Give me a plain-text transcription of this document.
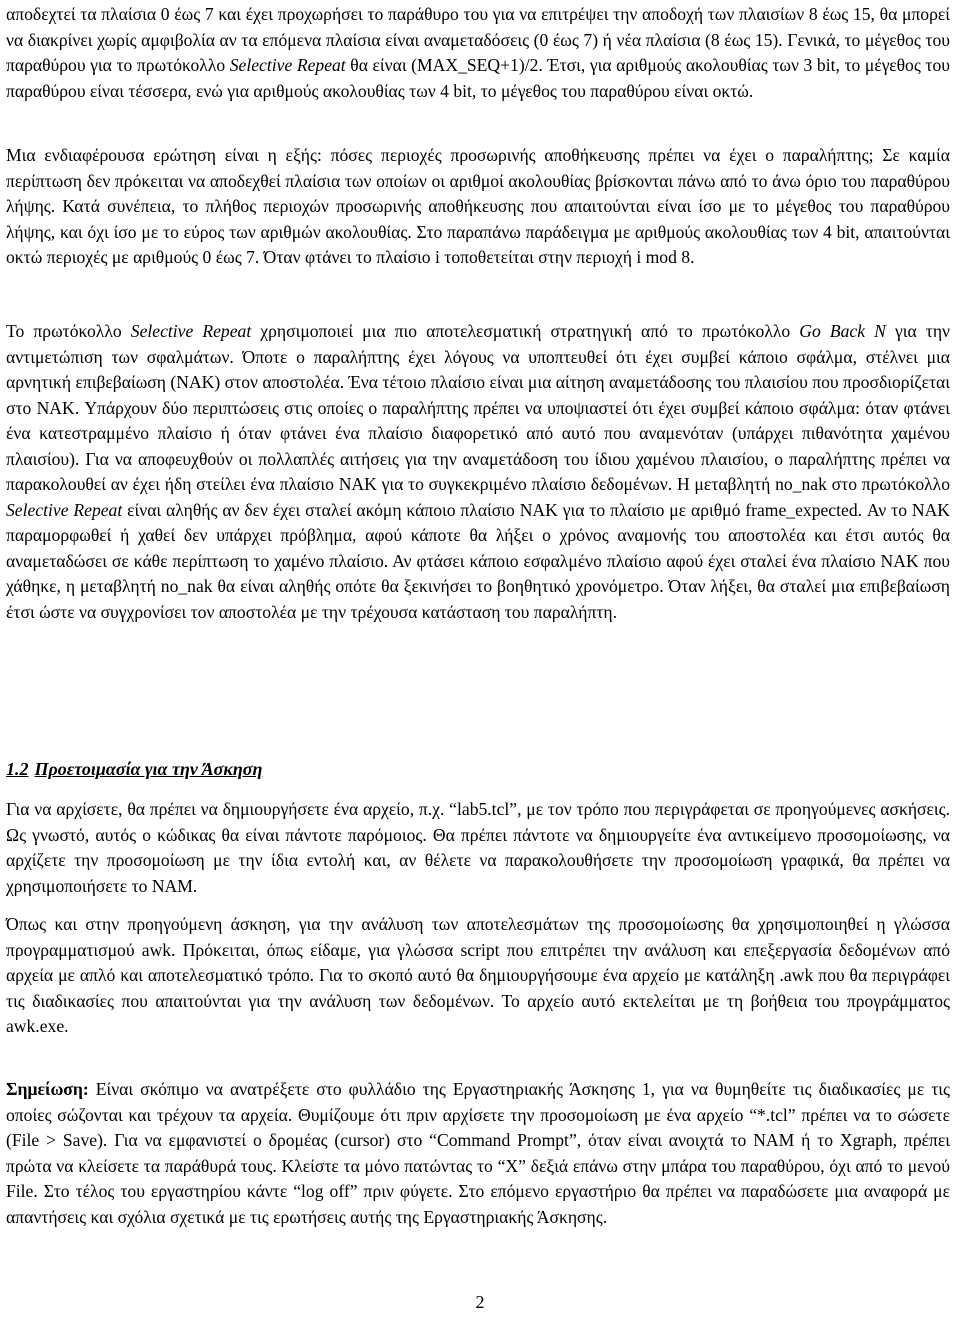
αποδεχτεί τα πλαίσια 0 έως 7 και έχει προχωρήσει το παράθυρο του για να επιτρέψει την αποδοχή των πλαισίων 8 έως 15, θα μπορεί να διακρίνει χωρίς αμφιβολία αν τα επόμενα πλαίσια είναι αναμεταδόσεις (0 έως 7) ή νέα πλαίσια (8 έως 15). Γενικά, το μέγεθος του παραθύρου για το πρωτόκολλο Selective Repeat θα είναι (MAX_SEQ+1)/2. Έτσι, για αριθμούς ακολουθίας των 3 bit, το μέγεθος του παραθύρου είναι τέσσερα, ενώ για αριθμούς ακολουθίας των 4 bit, το μέγεθος του παραθύρου είναι οκτώ.

Μια ενδιαφέρουσα ερώτηση είναι η εξής: πόσες περιοχές προσωρινής αποθήκευσης πρέπει να έχει ο παραλήπτης; Σε καμία περίπτωση δεν πρόκειται να αποδεχθεί πλαίσια των οποίων οι αριθμοί ακολουθίας βρίσκονται πάνω από το άνω όριο του παραθύρου λήψης. Κατά συνέπεια, το πλήθος περιοχών προσωρινής αποθήκευσης που απαιτούνται είναι ίσο με το μέγεθος του παραθύρου λήψης, και όχι ίσο με το εύρος των αριθμών ακολουθίας. Στο παραπάνω παράδειγμα με αριθμούς ακολουθίας των 4 bit, απαιτούνται οκτώ περιοχές με αριθμούς 0 έως 7. Όταν φτάνει το πλαίσιο i τοποθετείται στην περιοχή i mod 8.

Το πρωτόκολλο Selective Repeat χρησιμοποιεί μια πιο αποτελεσματική στρατηγική από το πρωτόκολλο Go Back N για την αντιμετώπιση των σφαλμάτων. Όποτε ο παραλήπτης έχει λόγους να υποπτευθεί ότι έχει συμβεί κάποιο σφάλμα, στέλνει μια αρνητική επιβεβαίωση (NAK) στον αποστολέα. Ένα τέτοιο πλαίσιο είναι μια αίτηση αναμετάδοσης του πλαισίου που προσδιορίζεται στο NAK. Υπάρχουν δύο περιπτώσεις στις οποίες ο παραλήπτης πρέπει να υποψιαστεί ότι έχει συμβεί κάποιο σφάλμα: όταν φτάνει ένα κατεστραμμένο πλαίσιο ή όταν φτάνει ένα πλαίσιο διαφορετικό από αυτό που αναμενόταν (υπάρχει πιθανότητα χαμένου πλαισίου). Για να αποφευχθούν οι πολλαπλές αιτήσεις για την αναμετάδοση του ίδιου χαμένου πλαισίου, ο παραλήπτης πρέπει να παρακολουθεί αν έχει ήδη στείλει ένα πλαίσιο NAK για το συγκεκριμένο πλαίσιο δεδομένων. Η μεταβλητή no_nak στο πρωτόκολλο Selective Repeat είναι αληθής αν δεν έχει σταλεί ακόμη κάποιο πλαίσιο NAK για το πλαίσιο με αριθμό frame_expected. Αν το NAK παραμορφωθεί ή χαθεί δεν υπάρχει πρόβλημα, αφού κάποτε θα λήξει ο χρόνος αναμονής του αποστολέα και έτσι αυτός θα αναμεταδώσει σε κάθε περίπτωση το χαμένο πλαίσιο. Αν φτάσει κάποιο εσφαλμένο πλαίσιο αφού έχει σταλεί ένα πλαίσιο NAK που χάθηκε, η μεταβλητή no_nak θα είναι αληθής οπότε θα ξεκινήσει το βοηθητικό χρονόμετρο. Όταν λήξει, θα σταλεί μια επιβεβαίωση έτσι ώστε να συγχρονίσει τον αποστολέα με την τρέχουσα κατάσταση του παραλήπτη.

1.2 Προετοιμασία για την Άσκηση

Για να αρχίσετε, θα πρέπει να δημιουργήσετε ένα αρχείο, π.χ. “lab5.tcl”, με τον τρόπο που περιγράφεται σε προηγούμενες ασκήσεις. Ως γνωστό, αυτός ο κώδικας θα είναι πάντοτε παρόμοιος. Θα πρέπει πάντοτε να δημιουργείτε ένα αντικείμενο προσομοίωσης, να αρχίζετε την προσομοίωση με την ίδια εντολή και, αν θέλετε να παρακολουθήσετε την προσομοίωση γραφικά, θα πρέπει να χρησιμοποιήσετε το NAM.

Όπως και στην προηγούμενη άσκηση, για την ανάλυση των αποτελεσμάτων της προσομοίωσης θα χρησιμοποιηθεί η γλώσσα προγραμματισμού awk. Πρόκειται, όπως είδαμε, για γλώσσα script που επιτρέπει την ανάλυση και επεξεργασία δεδομένων από αρχεία με απλό και αποτελεσματικό τρόπο. Για το σκοπό αυτό θα δημιουργήσουμε ένα αρχείο με κατάληξη .awk που θα περιγράφει τις διαδικασίες που απαιτούνται για την ανάλυση των δεδομένων. Το αρχείο αυτό εκτελείται με τη βοήθεια του προγράμματος awk.exe.

Σημείωση: Είναι σκόπιμο να ανατρέξετε στο φυλλάδιο της Εργαστηριακής Άσκησης 1, για να θυμηθείτε τις διαδικασίες με τις οποίες σώζονται και τρέχουν τα αρχεία. Θυμίζουμε ότι πριν αρχίσετε την προσομοίωση με ένα αρχείο “*.tcl” πρέπει να το σώσετε (File > Save). Για να εμφανιστεί ο δρομέας (cursor) στο “Command Prompt”, όταν είναι ανοιχτά το NAM ή το Xgraph, πρέπει πρώτα να κλείσετε τα παράθυρά τους. Κλείστε τα μόνο πατώντας το “X” δεξιά επάνω στην μπάρα του παραθύρου, όχι από το μενού File. Στο τέλος του εργαστηρίου κάντε “log off” πριν φύγετε. Στο επόμενο εργαστήριο θα πρέπει να παραδώσετε μια αναφορά με απαντήσεις και σχόλια σχετικά με τις ερωτήσεις αυτής της Εργαστηριακής Άσκησης.

2
